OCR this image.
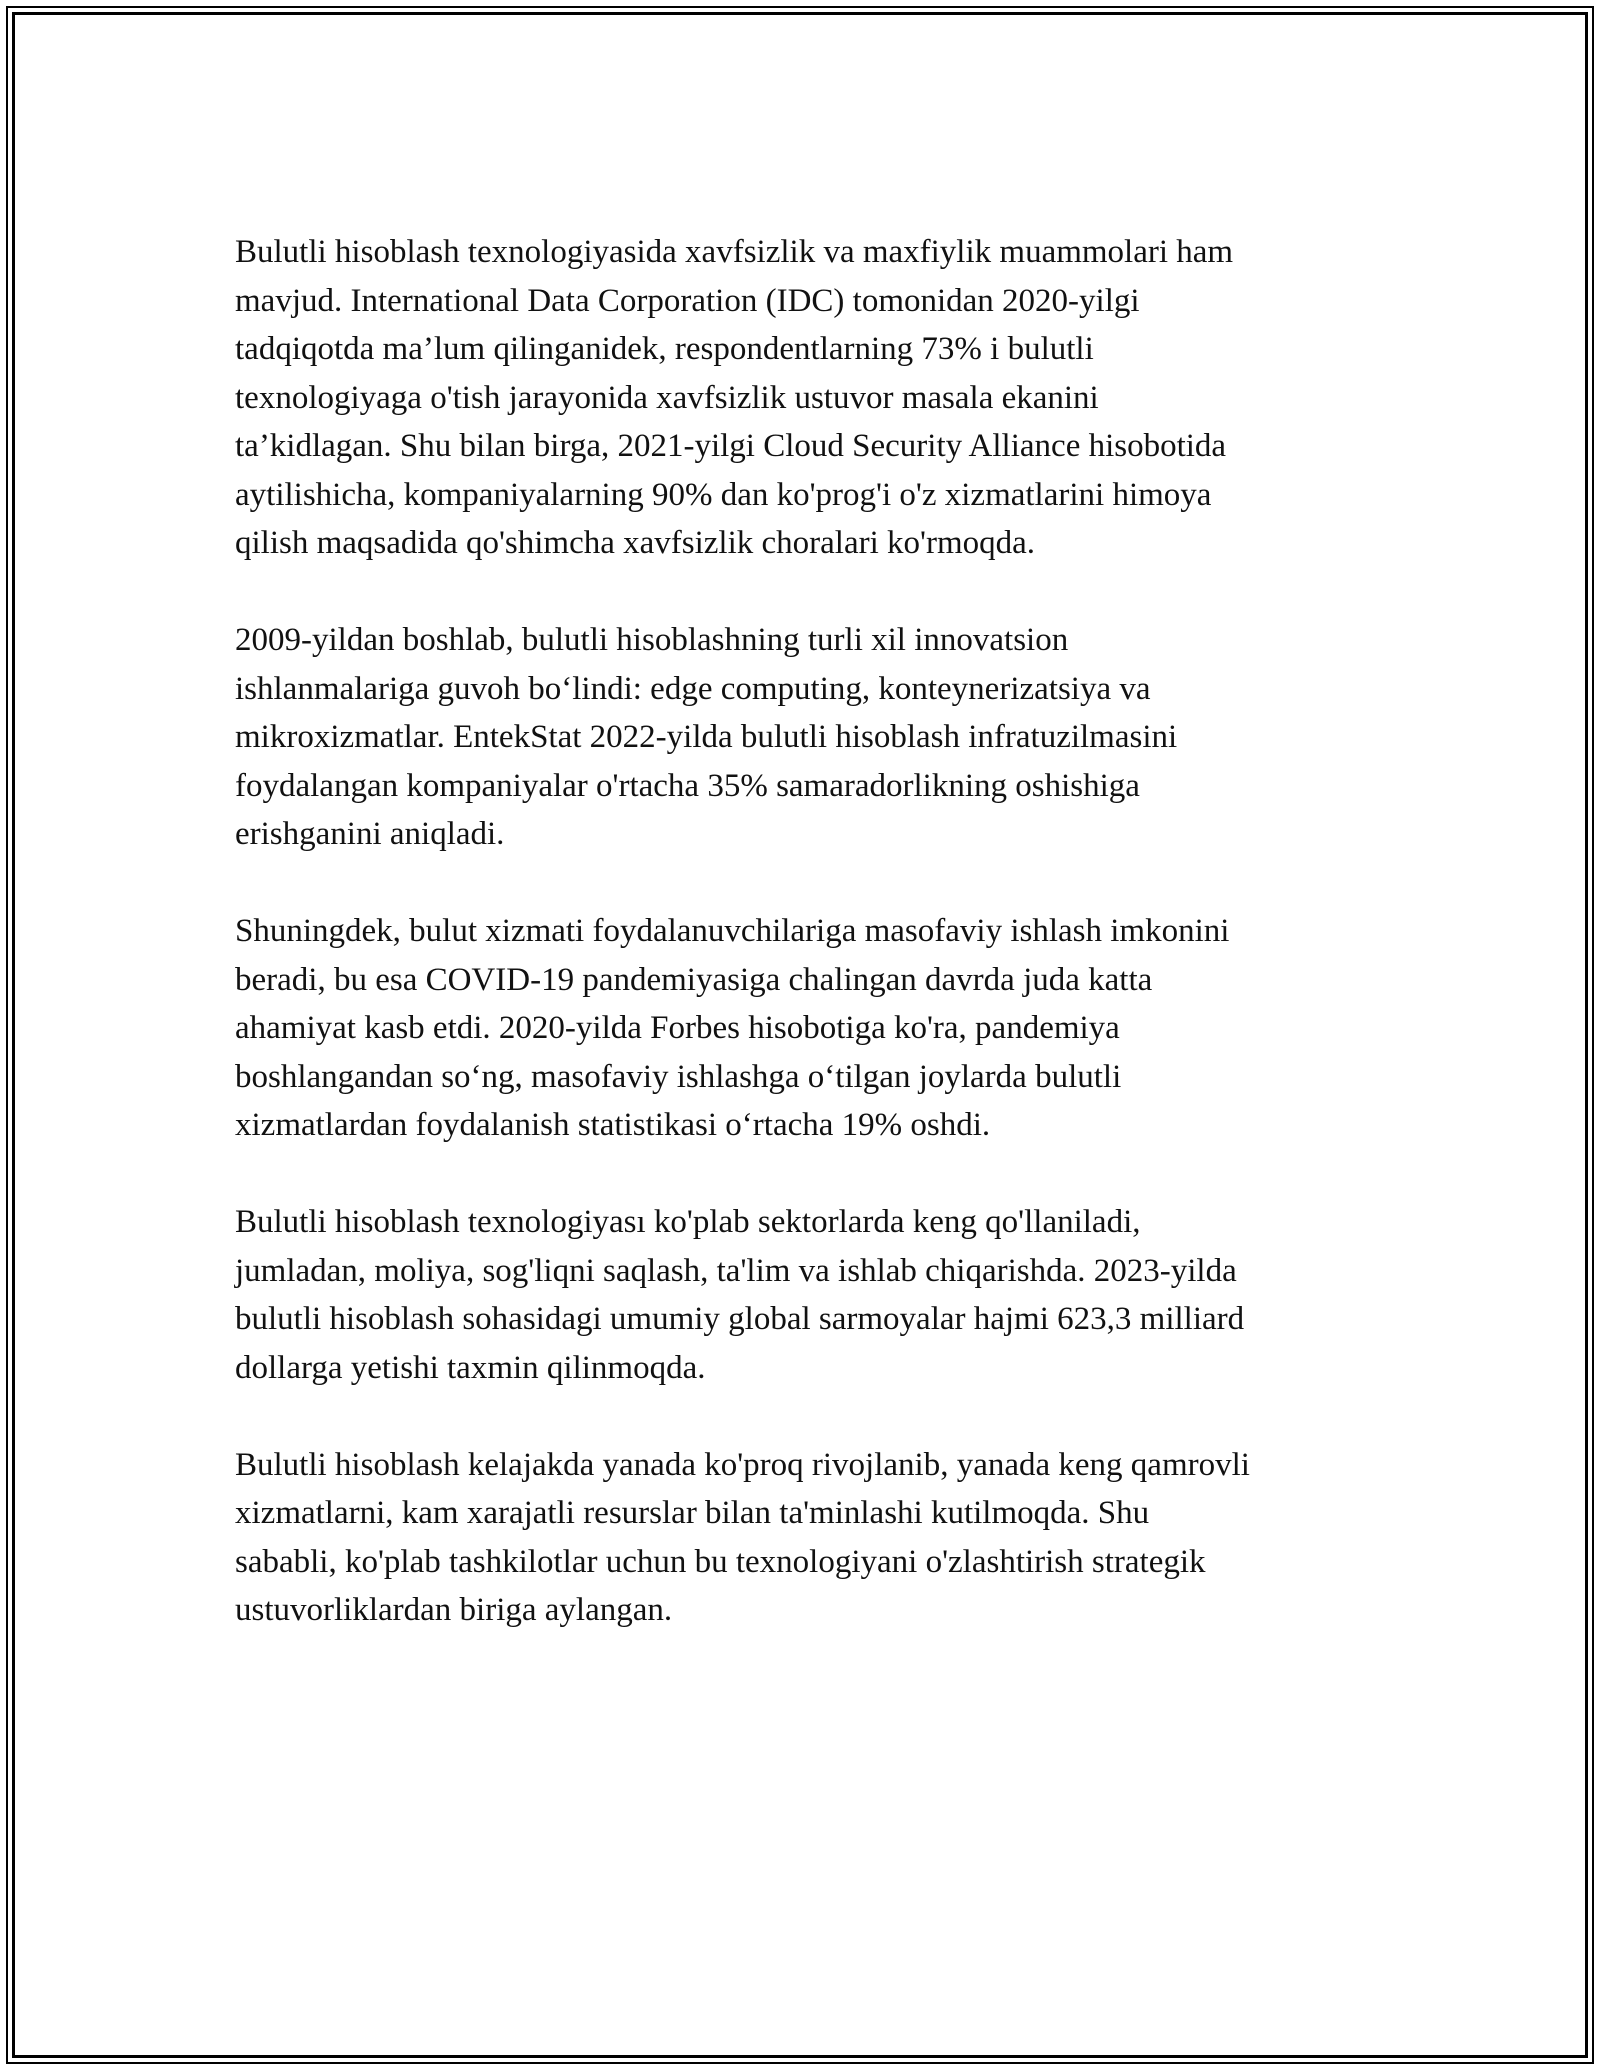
Bulutli hisoblash texnologiyasida xavfsizlik va maxfiylik muammolari ham
mavjud. International Data Corporation (IDC) tomonidan 2020-yilgi
tadqiqotda ma’lum qilinganidek, respondentlarning 73% i bulutli
texnologiyaga o'tish jarayonida xavfsizlik ustuvor masala ekanini
ta’kidlagan. Shu bilan birga, 2021-yilgi Cloud Security Alliance hisobotida
aytilishicha, kompaniyalarning 90% dan ko'prog'i o'z xizmatlarini himoya
qilish maqsadida qo'shimcha xavfsizlik choralari ko'rmoqda.

2009-yildan boshlab, bulutli hisoblashning turli xil innovatsion
ishlanmalariga guvoh bo‘lindi: edge computing, konteynerizatsiya va
mikroxizmatlar. EntekStat 2022-yilda bulutli hisoblash infratuzilmasini
foydalangan kompaniyalar o'rtacha 35% samaradorlikning oshishiga
erishganini aniqladi.

Shuningdek, bulut xizmati foydalanuvchilariga masofaviy ishlash imkonini
beradi, bu esa COVID-19 pandemiyasiga chalingan davrda juda katta
ahamiyat kasb etdi. 2020-yilda Forbes hisobotiga ko'ra, pandemiya
boshlangandan so‘ng, masofaviy ishlashga o‘tilgan joylarda bulutli
xizmatlardan foydalanish statistikasi o‘rtacha 19% oshdi.

Bulutli hisoblash texnologiyası ko'plab sektorlarda keng qo'llaniladi,
jumladan, moliya, sog'liqni saqlash, ta'lim va ishlab chiqarishda. 2023-yilda
bulutli hisoblash sohasidagi umumiy global sarmoyalar hajmi 623,3 milliard
dollarga yetishi taxmin qilinmoqda.

Bulutli hisoblash kelajakda yanada ko'proq rivojlanib, yanada keng qamrovli
xizmatlarni, kam xarajatli resurslar bilan ta'minlashi kutilmoqda. Shu
sababli, ko'plab tashkilotlar uchun bu texnologiyani o'zlashtirish strategik
ustuvorliklardan biriga aylangan.
